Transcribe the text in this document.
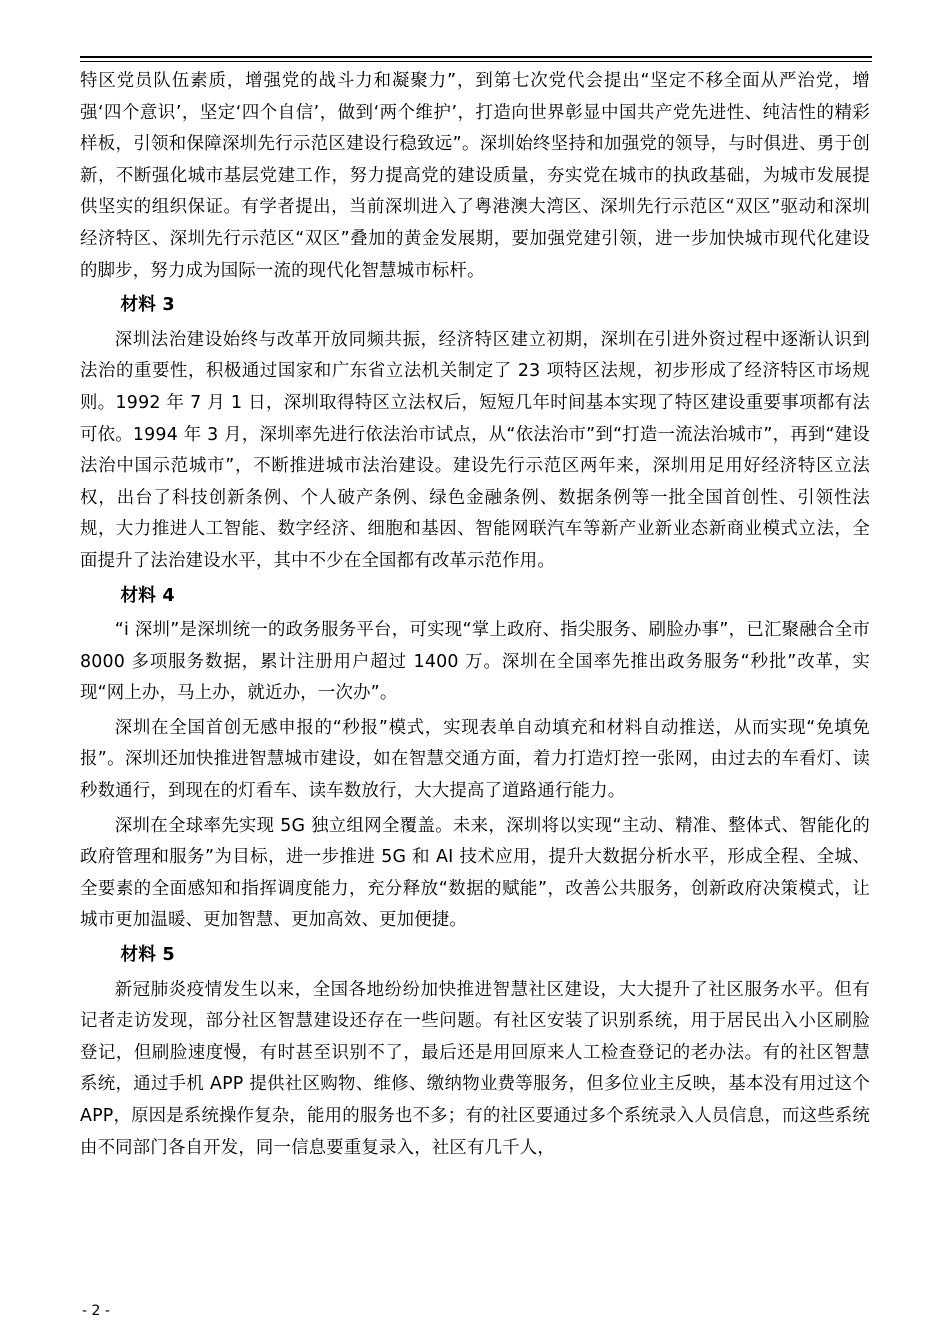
特区党员队伍素质，增强党的战斗力和凝聚力”，到第七次党代会提出“坚定不移全面从严治党，增强‘四个意识’，坚定‘四个自信’，做到‘两个维护’，打造向世界彰显中国共产党先进性、纯洁性的精彩样板，引领和保障深圳先行示范区建设行稳致远”。深圳始终坚持和加强党的领导，与时俱进、勇于创新，不断强化城市基层党建工作，努力提高党的建设质量，夯实党在城市的执政基础，为城市发展提供坚实的组织保证。有学者提出，当前深圳进入了粤港澳大湾区、深圳先行示范区“双区”驱动和深圳经济特区、深圳先行示范区“双区”叠加的黄金发展期，要加强党建引领，进一步加快城市现代化建设的脚步，努力成为国际一流的现代化智慧城市标杆。

材料 3

深圳法治建设始终与改革开放同频共振，经济特区建立初期，深圳在引进外资过程中逐渐认识到法治的重要性，积极通过国家和广东省立法机关制定了 23 项特区法规，初步形成了经济特区市场规则。1992 年 7 月 1 日，深圳取得特区立法权后，短短几年时间基本实现了特区建设重要事项都有法可依。1994 年 3 月，深圳率先进行依法治市试点，从“依法治市”到“打造一流法治城市”，再到“建设法治中国示范城市”，不断推进城市法治建设。建设先行示范区两年来，深圳用足用好经济特区立法权，出台了科技创新条例、个人破产条例、绿色金融条例、数据条例等一批全国首创性、引领性法规，大力推进人工智能、数字经济、细胞和基因、智能网联汽车等新产业新业态新商业模式立法，全面提升了法治建设水平，其中不少在全国都有改革示范作用。

材料 4

“i 深圳”是深圳统一的政务服务平台，可实现“掌上政府、指尖服务、刷脸办事”，已汇聚融合全市 8000 多项服务数据，累计注册用户超过 1400 万。深圳在全国率先推出政务服务“秒批”改革，实现“网上办，马上办，就近办，一次办”。

深圳在全国首创无感申报的“秒报”模式，实现表单自动填充和材料自动推送，从而实现“免填免报”。深圳还加快推进智慧城市建设，如在智慧交通方面，着力打造灯控一张网，由过去的车看灯、读秒数通行，到现在的灯看车、读车数放行，大大提高了道路通行能力。

深圳在全球率先实现 5G 独立组网全覆盖。未来，深圳将以实现“主动、精准、整体式、智能化的政府管理和服务”为目标，进一步推进 5G 和 AI 技术应用，提升大数据分析水平，形成全程、全城、全要素的全面感知和指挥调度能力，充分释放“数据的赋能”，改善公共服务，创新政府决策模式，让城市更加温暖、更加智慧、更加高效、更加便捷。

材料 5

新冠肺炎疫情发生以来，全国各地纷纷加快推进智慧社区建设，大大提升了社区服务水平。但有记者走访发现，部分社区智慧建设还存在一些问题。有社区安装了识别系统，用于居民出入小区刷脸登记，但刷脸速度慢，有时甚至识别不了，最后还是用回原来人工检查登记的老办法。有的社区智慧系统，通过手机 APP 提供社区购物、维修、缴纳物业费等服务，但多位业主反映，基本没有用过这个 APP，原因是系统操作复杂，能用的服务也不多；有的社区要通过多个系统录入人员信息，而这些系统由不同部门各自开发，同一信息要重复录入，社区有几千人，

- 2 -
